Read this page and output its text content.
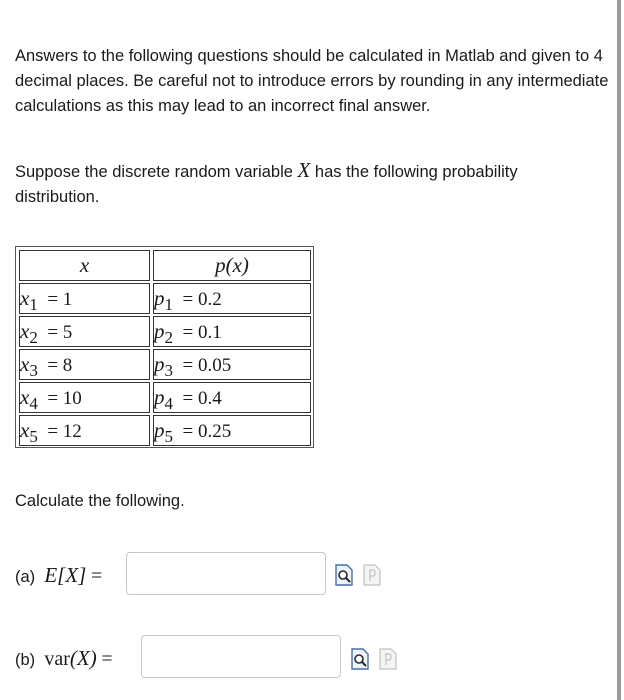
Answers to the following questions should be calculated in Matlab and given to 4 decimal places. Be careful not to introduce errors by rounding in any intermediate calculations as this may lead to an incorrect final answer.

Suppose the discrete random variable X has the following probability distribution.

x	p(x)
$x_1 = 1$	$p_1 = 0.2$
$x_2 = 5$	$p_2 = 0.1$
$x_3 = 8$	$p_3 = 0.05$
$x_4 = 10$	$p_4 = 0.4$
$x_5 = 12$	$p_5 = 0.25$

Calculate the following.

(a) E[X] =
(b) var(X) =
